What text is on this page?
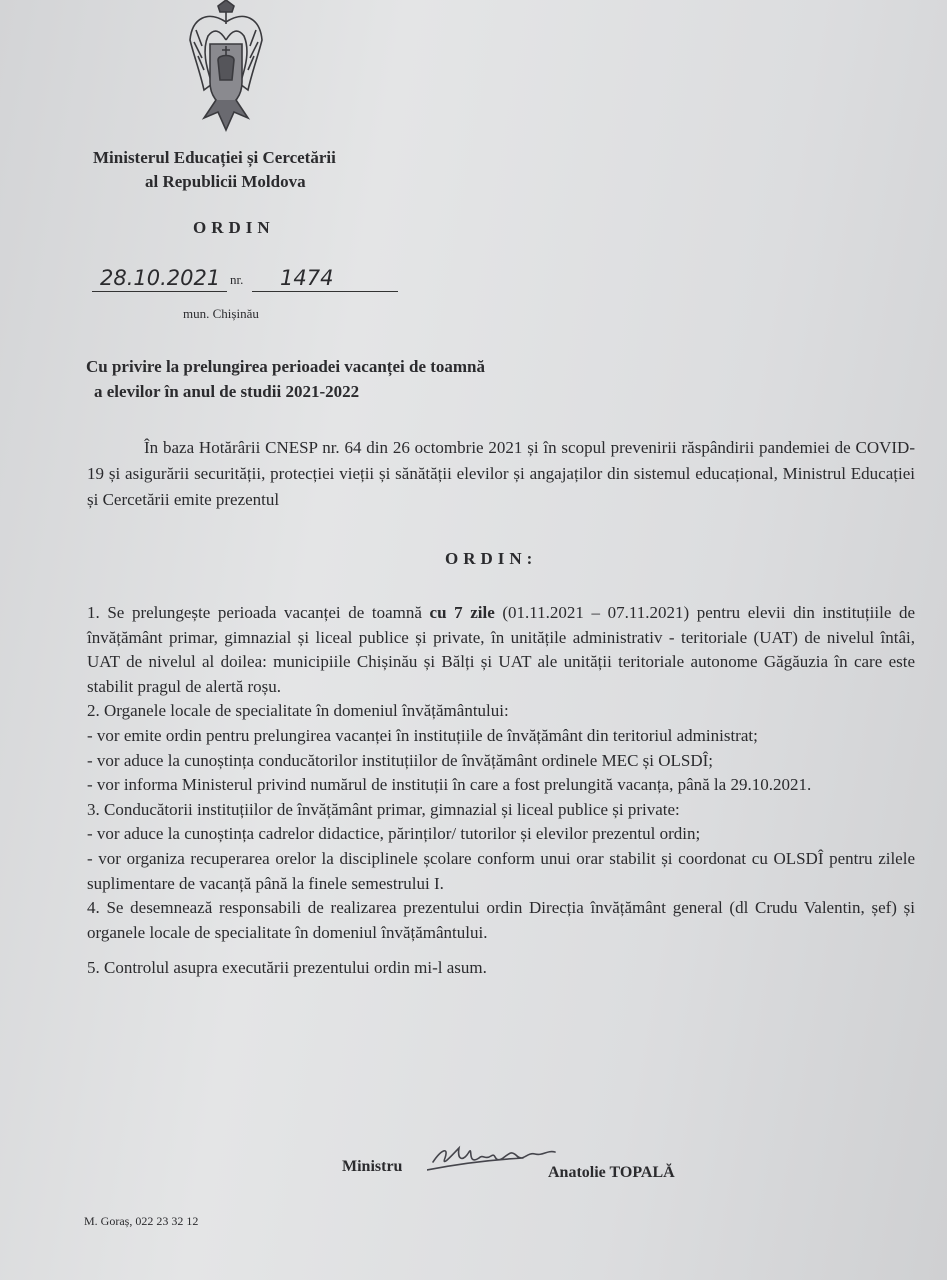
Ministerul Educației și Cercetării
al Republicii Moldova
ORDIN
28.10.2021 nr.	1474
mun. Chișinău
Cu privire la prelungirea perioadei vacanței de toamnă
a elevilor în anul de studii 2021-2022

În baza Hotărârii CNESP nr. 64 din 26 octombrie 2021 și în scopul prevenirii răspândirii pandemiei de COVID-19 și asigurării securității, protecției vieții și sănătății elevilor și angajaților din sistemul educațional, Ministrul Educației și Cercetării emite prezentul

ORDIN:

1. Se prelungește perioada vacanței de toamnă cu 7 zile (01.11.2021 – 07.11.2021) pentru elevii din instituțiile de învățământ primar, gimnazial și liceal publice și private, în unitățile administrativ - teritoriale (UAT) de nivelul întâi, UAT de nivelul al doilea: municipiile Chișinău și Bălți și UAT ale unității teritoriale autonome Găgăuzia în care este stabilit pragul de alertă roșu.

2. Organele locale de specialitate în domeniul învățământului:

- vor emite ordin pentru prelungirea vacanței în instituțiile de învățământ din teritoriul administrat;

- vor aduce la cunoștința conducătorilor instituțiilor de învățământ ordinele MEC și OLSDÎ;

- vor informa Ministerul privind numărul de instituții în care a fost prelungită vacanța, până la 29.10.2021.

3. Conducătorii instituțiilor de învățământ primar, gimnazial și liceal publice și private:

- vor aduce la cunoștința cadrelor didactice, părinților/ tutorilor și elevilor prezentul ordin;

- vor organiza recuperarea orelor la disciplinele școlare conform unui orar stabilit și coordonat cu OLSDÎ pentru zilele suplimentare de vacanță până la finele semestrului I.

4. Se desemnează responsabili de realizarea prezentului ordin Direcția învățământ general (dl Crudu Valentin, șef) și organele locale de specialitate în domeniul învățământului.

5. Controlul asupra executării prezentului ordin mi-l asum.

Ministru	Anatolie TOPALĂ
M. Goraș, 022 23 32 12
